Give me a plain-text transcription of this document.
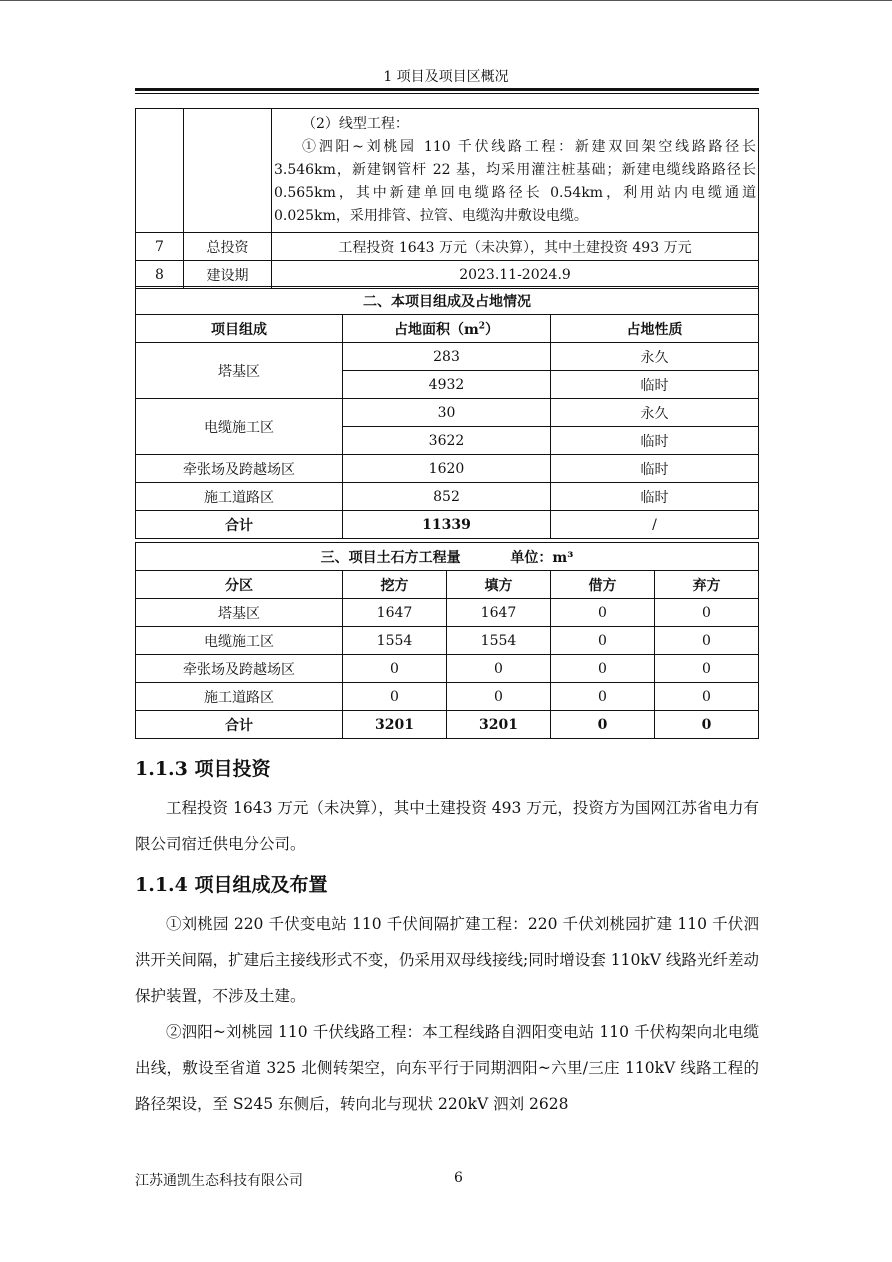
1 项目及项目区概况

		（2）线型工程：
①泗阳~刘桃园 110 千伏线路工程：新建双回架空线路路径长
3.546km，新建钢管杆 22 基，均采用灌注桩基础；新建电缆线路路径长
0.565km，其中新建单回电缆路径长 0.54km，利用站内电缆通道
0.025km，采用排管、拉管、电缆沟井敷设电缆。

7	总投资	工程投资 1643 万元（未决算），其中土建投资 493 万元
8	建设期	2023.11-2024.9
二、本项目组成及占地情况		
项目组成	占地面积$(m^2)$	占地性质
塔基区	283	永久
	4932	临时
电缆施工区	30	永久
	3622	临时
牵张场及跨越场区	1620	临时
施工道路区	852	临时
合计	11339	/
三、项目土石方工程量 单位：m³				
分区	挖方	填方	借方	弃方
塔基区	1647	1647	0	0
电缆施工区	1554	1554	0	0
牵张场及跨越场区	0	0	0	0
施工道路区	0	0	0	0
合计	3201	3201	0	0
1.1.3 项目投资
工程投资 1643 万元（未决算），其中土建投资 493 万元，投资方为国网江苏省电力有限公司宿迁供电分公司。
1.1.4 项目组成及布置
①刘桃园 220 千伏变电站 110 千伏间隔扩建工程：220 千伏刘桃园扩建 110 千伏泗洪开关间隔，扩建后主接线形式不变，仍采用双母线接线;同时增设套 110kV 线路光纤差动保护装置，不涉及土建。
②泗阳~刘桃园 110 千伏线路工程：本工程线路自泗阳变电站 110 千伏构架向北电缆出线，敷设至省道 325 北侧转架空，向东平行于同期泗阳~六里/三庄 110kV 线路工程的路径架设，至 S245 东侧后，转向北与现状 220kV 泗刘 2628
江苏通凯生态科技有限公司	6
